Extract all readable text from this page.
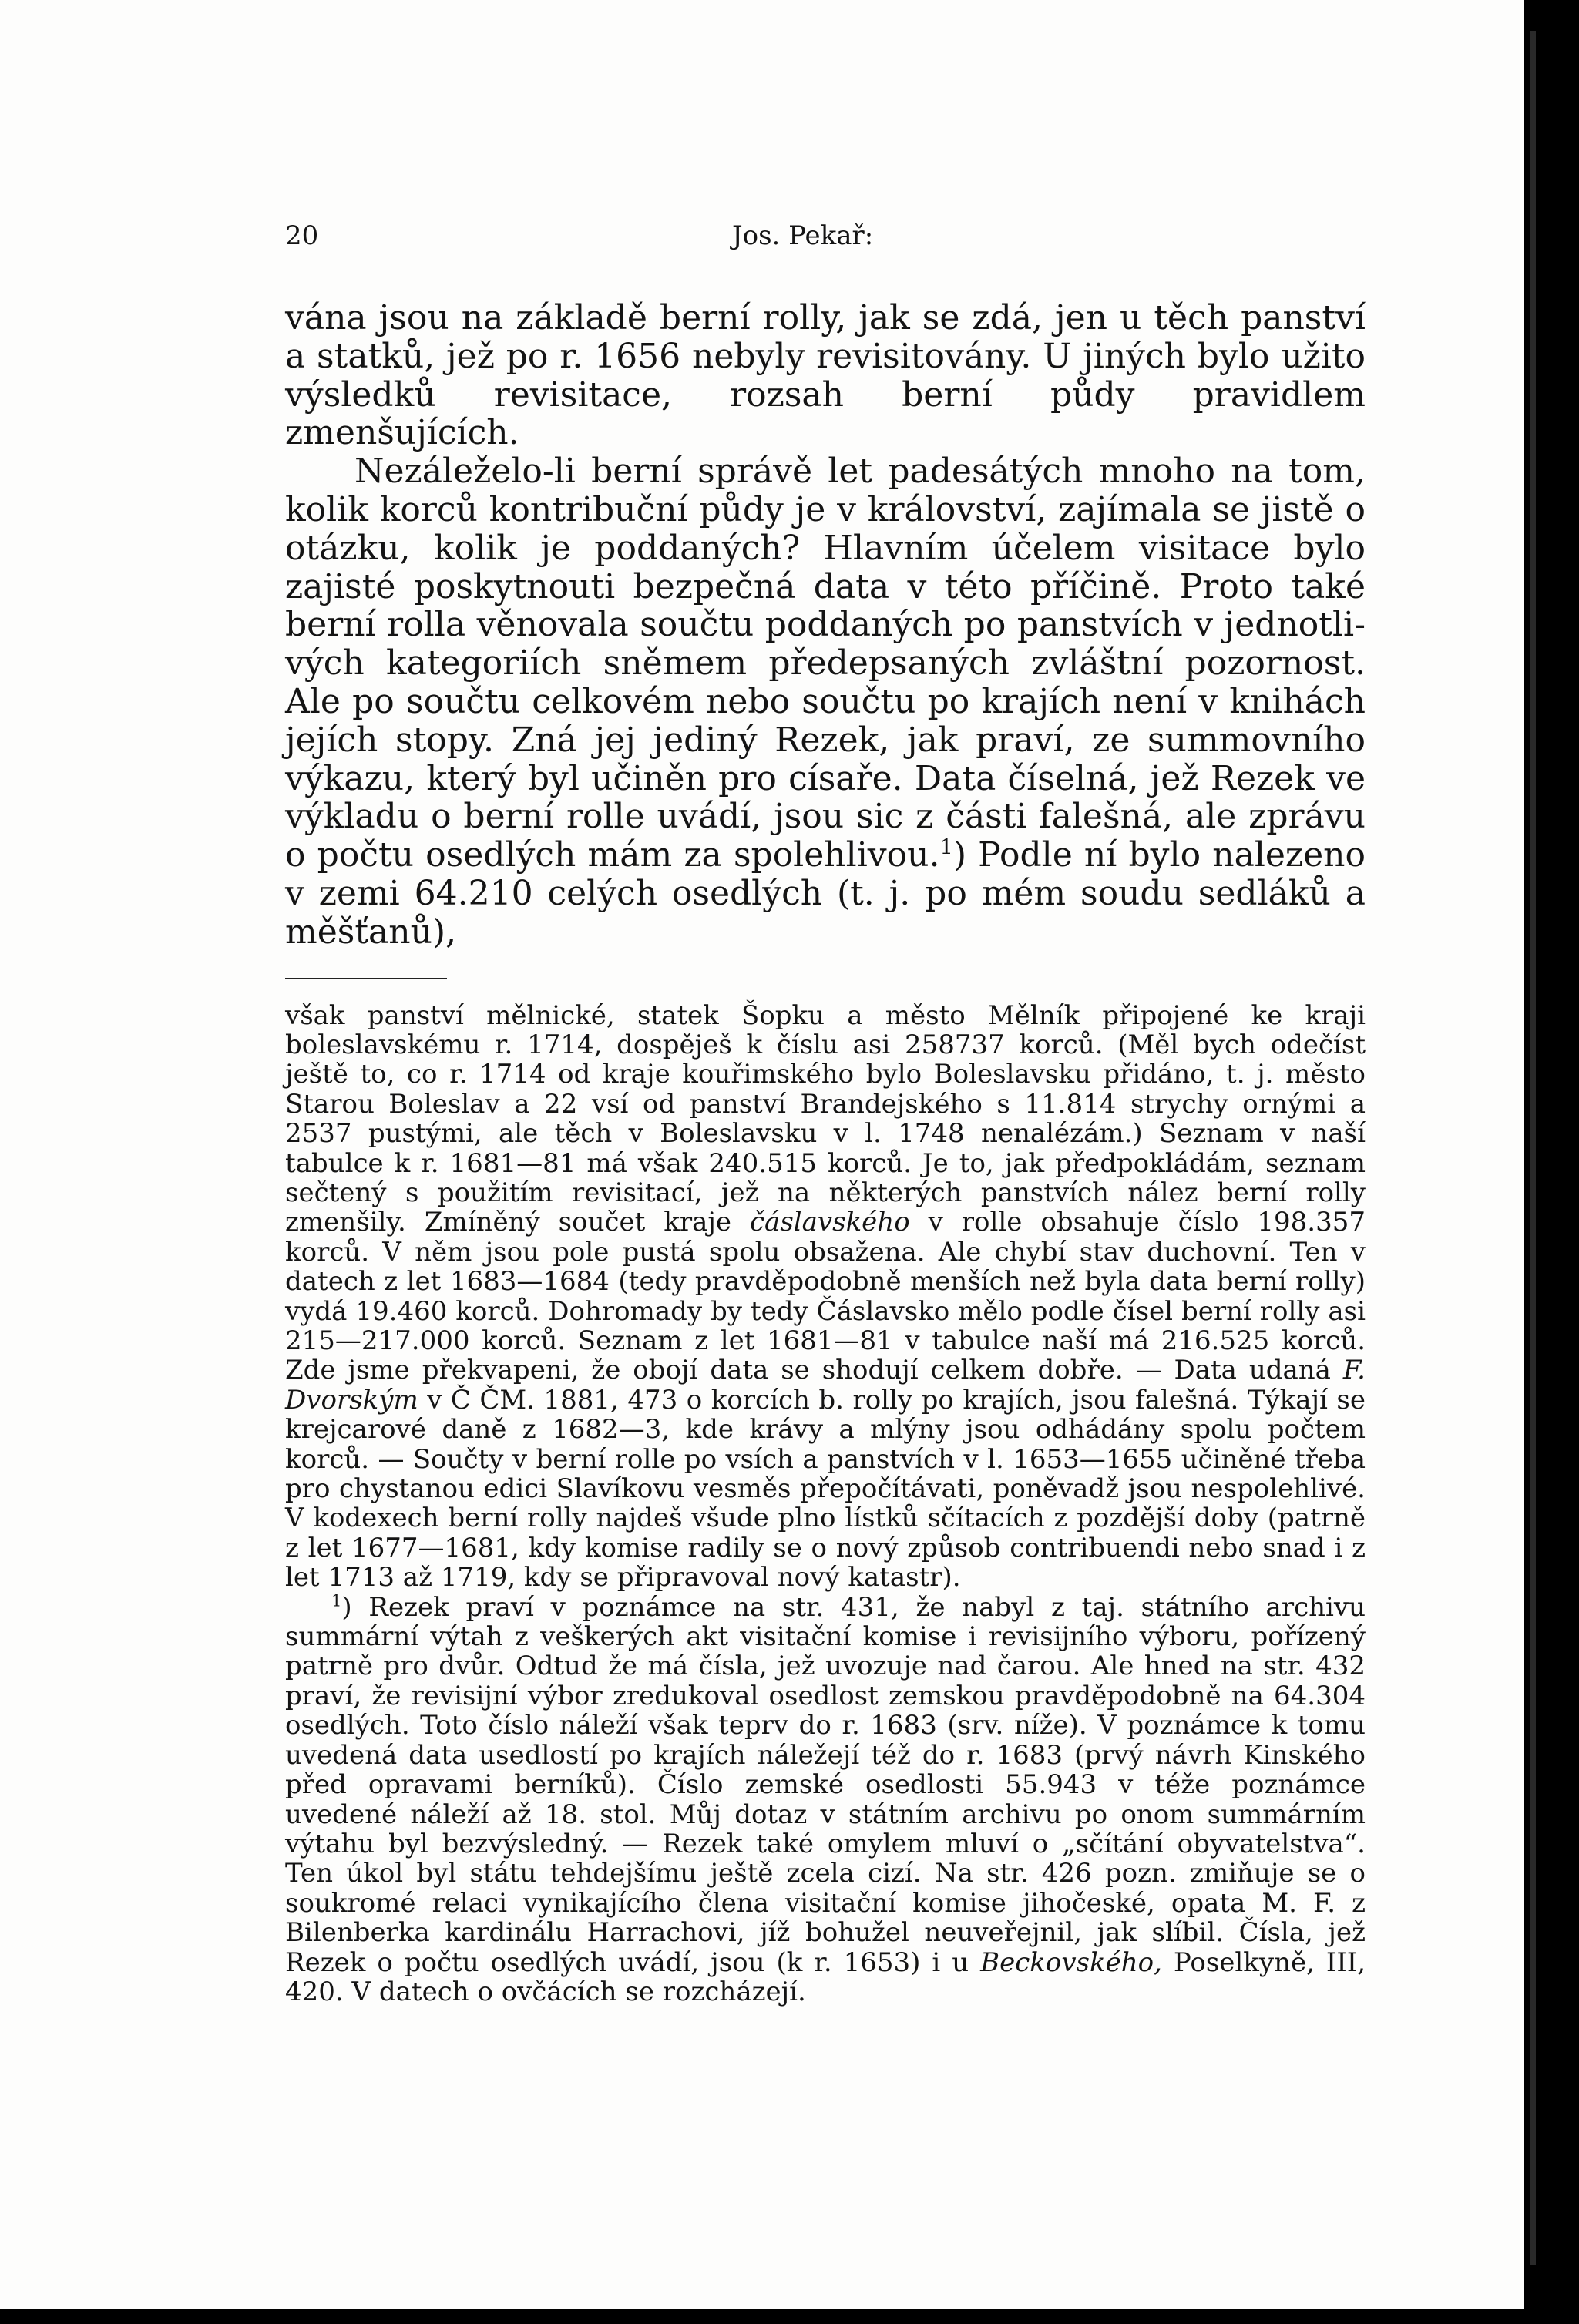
20	Jos. Pekař:

vána jsou na základě berní rolly, jak se zdá, jen u těch panství a statků, jež po r. 1656 nebyly revisitovány. U jiných bylo užito výsledků revisitace, rozsah berní půdy pravidlem zmenšujících.

Nezáleželo-li berní správě let padesátých mnoho na tom, kolik korců kontribuční půdy je v království, zajímala se jistě o otázku, kolik je poddaných? Hlavním účelem visitace bylo zajisté poskytnouti bezpečná data v této příčině. Proto také berní rolla věnovala součtu poddaných po panstvích v jednotlivých kategoriích sněmem předepsaných zvláštní pozornost. Ale po součtu celkovém nebo součtu po krajích není v knihách jejích stopy. Zná jej jediný Rezek, jak praví, ze summovního výkazu, který byl učiněn pro císaře. Data číselná, jež Rezek ve výkladu o berní rolle uvádí, jsou sic z části falešná, ale zprávu o počtu osedlých mám za spolehlivou.$^1$) Podle ní bylo nalezeno v zemi 64.210 celých osedlých (t. j. po mém soudu sedláků a měšťanů),

však panství mělnické, statek Šopku a město Mělník připojené ke kraji boleslavskému r. 1714, dospěješ k číslu asi 258737 korců. (Měl bych odečíst ještě to, co r. 1714 od kraje kouřimského bylo Boleslavsku přidáno, t. j. město Starou Boleslav a 22 vsí od panství Brandejského s 11.814 strychy ornými a 2537 pustými, ale těch v Boleslavsku v l. 1748 nenalézám.) Seznam v naší tabulce k r. 1681—81 má však 240.515 korců. Je to, jak předpokládám, seznam sečtený s použitím revisitací, jež na některých panstvích nález berní rolly zmenšily. Zmíněný součet kraje čáslavského v rolle obsahuje číslo 198.357 korců. V něm jsou pole pustá spolu obsažena. Ale chybí stav duchovní. Ten v datech z let 1683—1684 (tedy pravděpodobně menších než byla data berní rolly) vydá 19.460 korců. Dohromady by tedy Čáslavsko mělo podle čísel berní rolly asi 215—217.000 korců. Seznam z let 1681—81 v tabulce naší má 216.525 korců. Zde jsme překvapeni, že obojí data se shodují celkem dobře. — Data udaná F. Dvorským v Č ČM. 1881, 473 o korcích b. rolly po krajích, jsou falešná. Týkají se krejcarové daně z 1682—3, kde krávy a mlýny jsou odhádány spolu počtem korců. — Součty v berní rolle po vsích a panstvích v l. 1653—1655 učiněné třeba pro chystanou edici Slavíkovu vesměs přepočítávati, poněvadž jsou nespolehlivé. V kodexech berní rolly najdeš všude plno lístků sčítacích z pozdější doby (patrně z let 1677—1681, kdy komise radily se o nový způsob contribuendi nebo snad i z let 1713 až 1719, kdy se připravoval nový katastr).

$^1$) Rezek praví v poznámce na str. 431, že nabyl z taj. státního archivu summární výtah z veškerých akt visitační komise i revisijního výboru, pořízený patrně pro dvůr. Odtud že má čísla, jež uvozuje nad čarou. Ale hned na str. 432 praví, že revisijní výbor zredukoval osedlost zemskou pravděpodobně na 64.304 osedlých. Toto číslo náleží však teprv do r. 1683 (srv. níže). V poznámce k tomu uvedená data usedlostí po krajích náležejí též do r. 1683 (prvý návrh Kinského před opravami berníků). Číslo zemské osedlosti 55.943 v téže poznámce uvedené náleží až 18. stol. Můj dotaz v státním archivu po onom summárním výtahu byl bezvýsledný. — Rezek také omylem mluví o „sčítání obyvatelstva“. Ten úkol byl státu tehdejšímu ještě zcela cizí. Na str. 426 pozn. zmiňuje se o soukromé relaci vynikajícího člena visitační komise jihočeské, opata M. F. z Bilenberka kardinálu Harrachovi, jíž bohužel neuveřejnil, jak slíbil. Čísla, jež Rezek o počtu osedlých uvádí, jsou (k r. 1653) i u Beckovského, Poselkyně, III, 420. V datech o ovčácích se rozcházejí.
